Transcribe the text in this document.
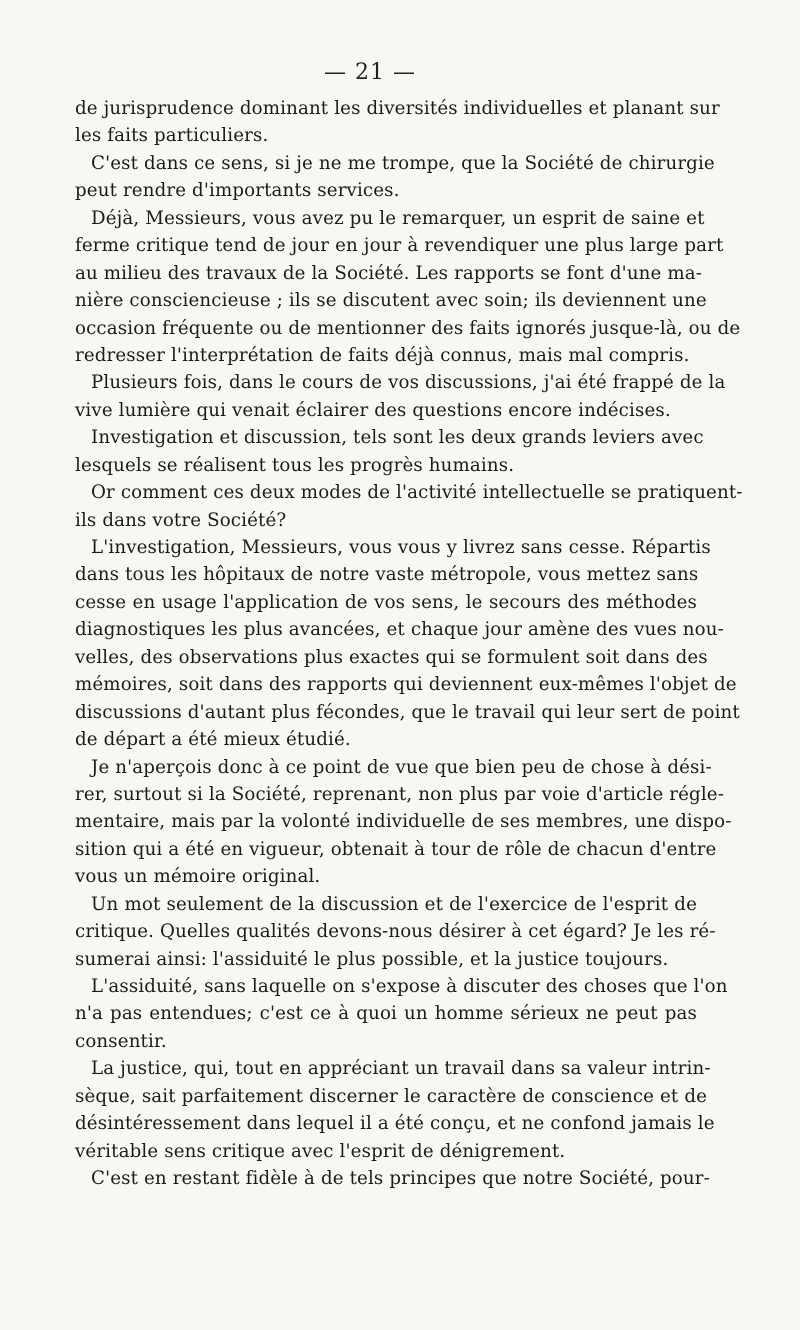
— 21 —
de jurisprudence dominant les diversités individuelles et planant sur
les faits particuliers.
C'est dans ce sens, si je ne me trompe, que la Société de chirurgie
peut rendre d'importants services.
Déjà, Messieurs, vous avez pu le remarquer, un esprit de saine et
ferme critique tend de jour en jour à revendiquer une plus large part
au milieu des travaux de la Société. Les rapports se font d'une ma-
nière consciencieuse ; ils se discutent avec soin; ils deviennent une
occasion fréquente ou de mentionner des faits ignorés jusque-là, ou de
redresser l'interprétation de faits déjà connus, mais mal compris.
Plusieurs fois, dans le cours de vos discussions, j'ai été frappé de la
vive lumière qui venait éclairer des questions encore indécises.
Investigation et discussion, tels sont les deux grands leviers avec
lesquels se réalisent tous les progrès humains.
Or comment ces deux modes de l'activité intellectuelle se pratiquent-
ils dans votre Société?
L'investigation, Messieurs, vous vous y livrez sans cesse. Répartis
dans tous les hôpitaux de notre vaste métropole, vous mettez sans
cesse en usage l'application de vos sens, le secours des méthodes
diagnostiques les plus avancées, et chaque jour amène des vues nou-
velles, des observations plus exactes qui se formulent soit dans des
mémoires, soit dans des rapports qui deviennent eux-mêmes l'objet de
discussions d'autant plus fécondes, que le travail qui leur sert de point
de départ a été mieux étudié.
Je n'aperçois donc à ce point de vue que bien peu de chose à dési-
rer, surtout si la Société, reprenant, non plus par voie d'article régle-
mentaire, mais par la volonté individuelle de ses membres, une dispo-
sition qui a été en vigueur, obtenait à tour de rôle de chacun d'entre
vous un mémoire original.
Un mot seulement de la discussion et de l'exercice de l'esprit de
critique. Quelles qualités devons-nous désirer à cet égard? Je les ré-
sumerai ainsi: l'assiduité le plus possible, et la justice toujours.
L'assiduité, sans laquelle on s'expose à discuter des choses que l'on
n'a pas entendues; c'est ce à quoi un homme sérieux ne peut pas
consentir.
La justice, qui, tout en appréciant un travail dans sa valeur intrin-
sèque, sait parfaitement discerner le caractère de conscience et de
désintéressement dans lequel il a été conçu, et ne confond jamais le
véritable sens critique avec l'esprit de dénigrement.
C'est en restant fidèle à de tels principes que notre Société, pour-
